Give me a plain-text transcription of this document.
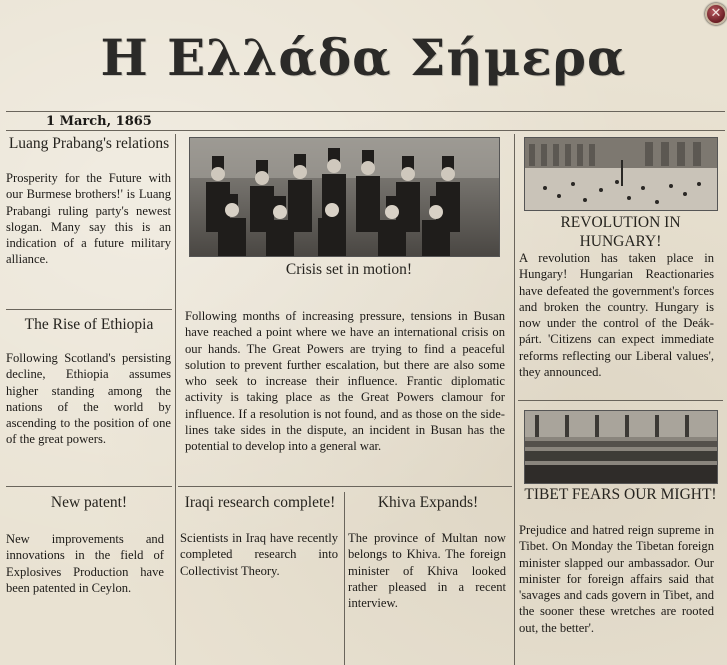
✕
Η Ελλάδα Σήμερα
1 March, 1865
Luang Prabang's relations
Prosperity for the Future with our Burmese brothers!' is Luang Prabangi ruling party's newest slogan. Many say this is an indication of a future military alliance.
The Rise of Ethiopia
Following Scotland's persisting decline, Ethiopia assumes higher standing among the nations of the world by ascending to the position of one of the great powers.
Crisis set in motion!
Following months of increasing pressure, tensions in Busan have reached a point where we have an international crisis on our hands. The Great Powers are trying to find a peaceful solution to prevent further escalation, but there are also some who seek to increase their influence. Frantic diplomatic activity is taking place as the Great Powers clamour for influence. If a resolution is not found, and as those on the side-lines take sides in the dispute, an incident in Busan has the potential to develop into a general war.
REVOLUTION IN HUNGARY!
A revolution has taken place in Hungary! Hungarian Reactionaries have defeated the government's forces and broken the country. Hungary is now under the control of the Deák-párt. 'Citizens can expect immediate reforms reflecting our Liberal values', they announced.
TIBET FEARS OUR MIGHT!
Prejudice and hatred reign supreme in Tibet. On Monday the Tibetan foreign minister slapped our ambassador. Our minister for foreign affairs said that 'savages and cads govern in Tibet, and the sooner these wretches are rooted out, the better'.
New patent!
New improvements and innovations in the field of Explosives Production have been patented in Ceylon.
Iraqi research complete!
Scientists in Iraq have recently completed research into Collectivist Theory.
Khiva Expands!
The province of Multan now belongs to Khiva. The foreign minister of Khiva looked rather pleased in a recent interview.
